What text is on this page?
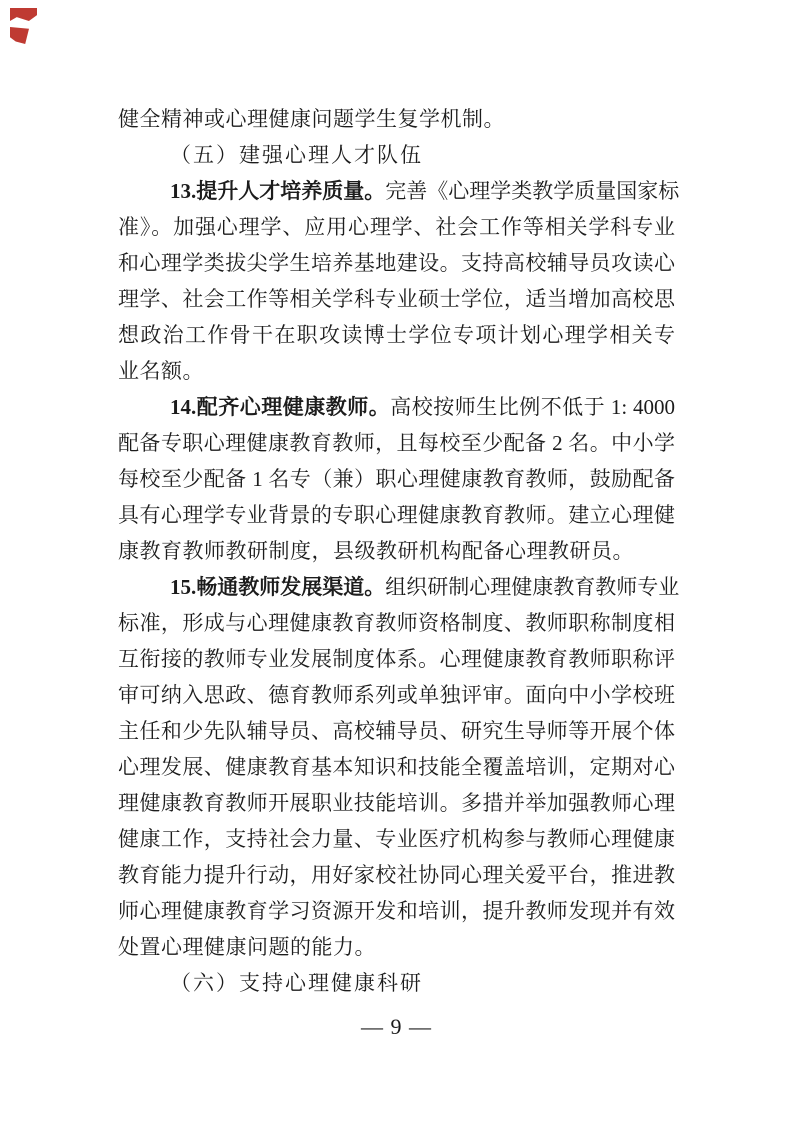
健全精神或心理健康问题学生复学机制。
（五）建强心理人才队伍
13.提升人才培养质量。完善《心理学类教学质量国家标
准》。加强心理学、应用心理学、社会工作等相关学科专业
和心理学类拔尖学生培养基地建设。支持高校辅导员攻读心
理学、社会工作等相关学科专业硕士学位，适当增加高校思
想政治工作骨干在职攻读博士学位专项计划心理学相关专
业名额。
14.配齐心理健康教师。高校按师生比例不低于 1: 4000
配备专职心理健康教育教师，且每校至少配备 2 名。中小学
每校至少配备 1 名专（兼）职心理健康教育教师，鼓励配备
具有心理学专业背景的专职心理健康教育教师。建立心理健
康教育教师教研制度，县级教研机构配备心理教研员。
15.畅通教师发展渠道。组织研制心理健康教育教师专业
标准，形成与心理健康教育教师资格制度、教师职称制度相
互衔接的教师专业发展制度体系。心理健康教育教师职称评
审可纳入思政、德育教师系列或单独评审。面向中小学校班
主任和少先队辅导员、高校辅导员、研究生导师等开展个体
心理发展、健康教育基本知识和技能全覆盖培训，定期对心
理健康教育教师开展职业技能培训。多措并举加强教师心理
健康工作，支持社会力量、专业医疗机构参与教师心理健康
教育能力提升行动，用好家校社协同心理关爱平台，推进教
师心理健康教育学习资源开发和培训，提升教师发现并有效
处置心理健康问题的能力。
（六）支持心理健康科研
— 9 —
